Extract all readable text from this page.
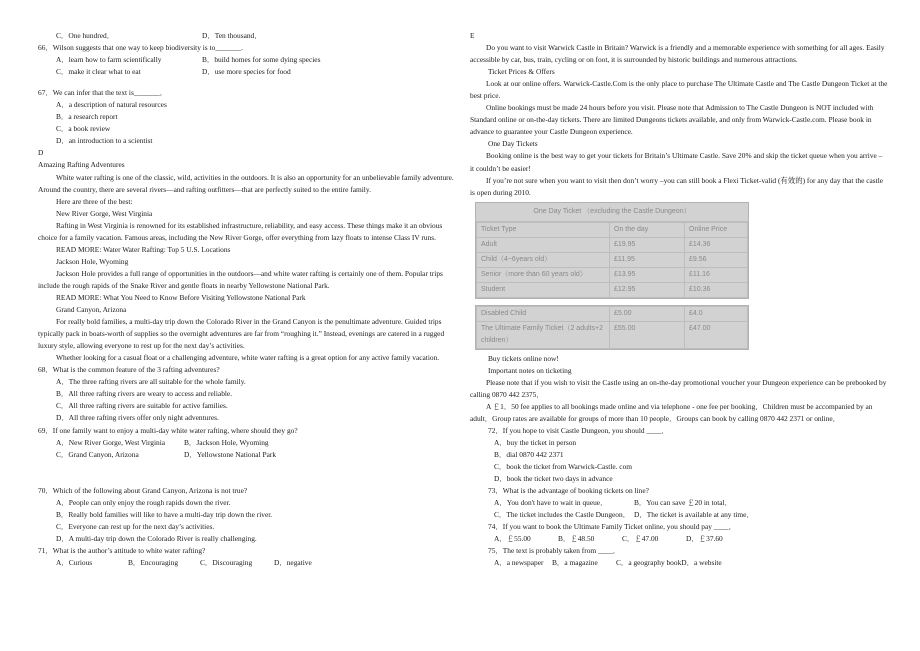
C．One hundred．	D．Ten thousand．

66．Wilson suggests that one way to keep biodiversity is to_______.

A．learn how to farm scientifically	B．build homes for some dying species
C．make it clear what to eat	D．use more species for food

67．We can infer that the text is_______．

A．a description of natural resources

B．a research report

C．a book review

D．an introduction to a scientist

D

Amazing Rafting Adventures

White water rafting is one of the classic, wild, activities in the outdoors. It is also an opportunity for an unbelievable family adventure. Around the country, there are several rivers—and rafting outfitters—that are perfectly suited to the entire family.

Here are three of the best:

New River Gorge, West Virginia

Rafting in West Virginia is renowned for its established infrastructure, reliability, and easy access. These things make it an obvious choice for a family vacation. Famous areas, including the New River Gorge, offer everything from lazy floats to intense Class IV runs.

READ MORE: Water Water Rafting: Top 5 U.S. Locations

Jackson Hole, Wyoming

Jackson Hole provides a full range of opportunities in the outdoors—and white water rafting is certainly one of them. Popular trips include the rough rapids of the Snake River and gentle floats in nearby Yellowstone National Park.

READ MORE: What You Need to Know Before Visiting Yellowstone National Park

Grand Canyon, Arizona

For really bold families, a multi-day trip down the Colorado River in the Grand Canyon is the penultimate adventure. Guided trips typically pack in boats-worth of supplies so the overnight adventures are far from “roughing it.” Instead, evenings are catered in a rugged luxury style, allowing everyone to rest up for the next day’s activities.

Whether looking for a casual float or a challenging adventure, white water rafting is a great option for any active family vacation.

68．What is the common feature of the 3 rafting adventures?

A．The three rafting rivers are all suitable for the whole family.

B．All three rafting rivers are weary to access and reliable.

C．All three rafting rivers are suitable for active families.

D．All three rafting rivers offer only night adventures.

69．If one family want to enjoy a multi-day white water rafting, where should they go?

A．New River Gorge, West Virginia	B．Jackson Hole, Wyoming
C．Grand Canyon, Arizona	D．Yellowstone National Park

70．Which of the following about Grand Canyon, Arizona is not true?

A．People can only enjoy the rough rapids down the river.

B．Really bold families will like to have a multi-day trip down the river.

C．Everyone can rest up for the next day’s activities.

D．A multi-day trip down the Colorado River is really challenging.

71．What is the author’s attitude to white water rafting?

A．Curious	B．Encouraging	C．Discouraging	D．negative

E

Do you want to visit Warwick Castle in Britain? Warwick is a friendly and a memorable experience with something for all ages. Easily accessible by car, bus, train, cycling or on foot, it is surrounded by historic buildings and numerous attractions.

Ticket Prices & Offers

Look at our online offers. Warwick-Castle.Com is the only place to purchase The Ultimate Castle and The Castle Dungeon Ticket at the best price.

Online bookings must be made 24 hours before you visit. Please note that Admission to The Castle Dungeon is NOT included with Standard online or on-the-day tickets. There are limited Dungeons tickets available, and only from Warwick-Castle.com. Please book in advance to guarantee your Castle Dungeon experience.

One Day Tickets

Booking online is the best way to get your tickets for Britain’s Ultimate Castle. Save 20% and skip the ticket queue when you arrive – it couldn’t be easier!

If you’re not sure when you want to visit then don’t worry –you can still book a Flexi Ticket-valid (有效的) for any day that the castle is open during 2010.

One Day Ticket （excluding the Castle Dungeon）
Ticket Type	On the day	Online Price
Adult	£19.95	£14.36
Child（4~6years old）	£11.95	£9.56
Senior（more than 60 years old）	£13.95	£11.16
Student	£12.95	£10.36
Disabled Child	£5.00	£4.0
The Ultimate Family Ticket（2 adults+2 children）	£55.00	£47.00

Buy tickets online now!

Important notes on ticketing

Please note that if you wish to visit the Castle using an on-the-day promotional voucher your Dungeon experience can be prebooked by calling 0870 442 2375．

A ￡1．50 fee applies to all bookings made online and via telephone - one fee per booking．Children must be accompanied by an adult．Group rates are available for groups of more than 10 people．Groups can book by calling 0870 442 2371 or online．

72．If you hope to visit Castle Dungeon, you should ____．

A．buy the ticket in person

B．dial 0870 442 2371

C．book the ticket from Warwick-Castle. com

D．book the ticket two days in advance

73．What is the advantage of booking tickets on line?

A．You don't have to wait in queue．	B．You can save ￡20 in total．
C．The ticket includes the Castle Dungeon． D．The ticket is available at any time．

74．If you want to book the Ultimate Family Ticket online, you should pay ____．

A．￡55.00	B．￡48.50	C．￡47.00	D．￡37.60

75．The text is probably taken from ____．

A．a newspaper	B．a magazine	C．a geography bookD．a website
